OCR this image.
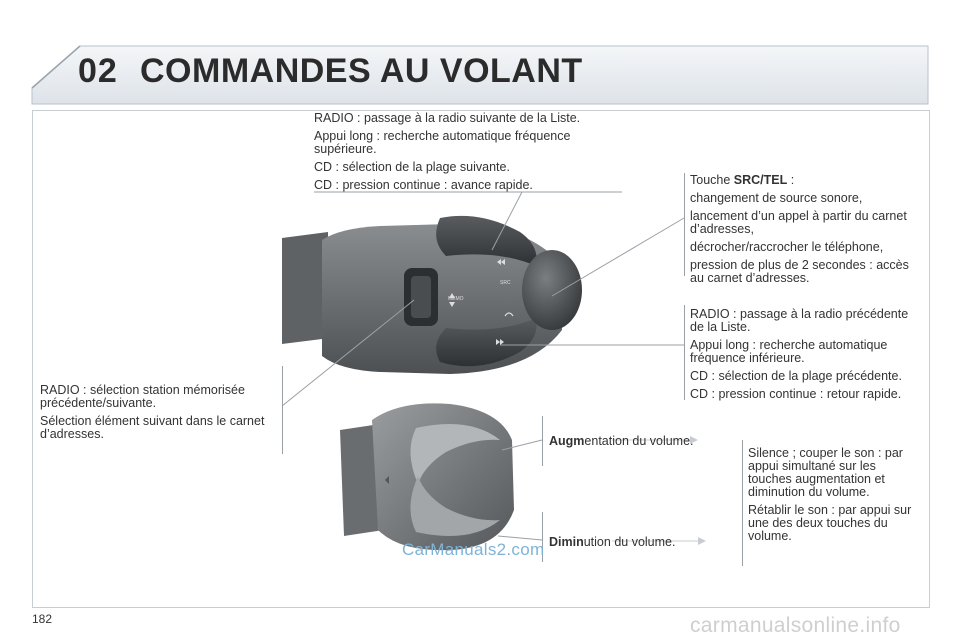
02 COMMANDES AU VOLANT
MEMO
SRC

RADIO : passage à la radio suivante de la Liste.

Appui long : recherche automatique fréquence supérieure.

CD : sélection de la plage suivante.

CD : pression continue : avance rapide.	Touche SRC/TEL :

changement de source sonore,

lancement d’un appel à partir du carnet d’adresses,

décrocher/raccrocher le téléphone,

pression de plus de 2 secondes : accès au carnet d’adresses.

RADIO : passage à la radio précédente de la Liste.

Appui long : recherche automatique fréquence inférieure.

CD : sélection de la plage précédente.

CD : pression continue : retour rapide.

RADIO : sélection station mémorisée précédente/suivante.

Sélection élément suivant dans le carnet d’adresses.	Augmentation du volume.
Diminution du volume.

Silence ; couper le son : par appui simultané sur les touches augmentation et diminution du volume.

Rétablir le son : par appui sur une des deux touches du volume.

182
CarManuals2.com
carmanualsonline.info
